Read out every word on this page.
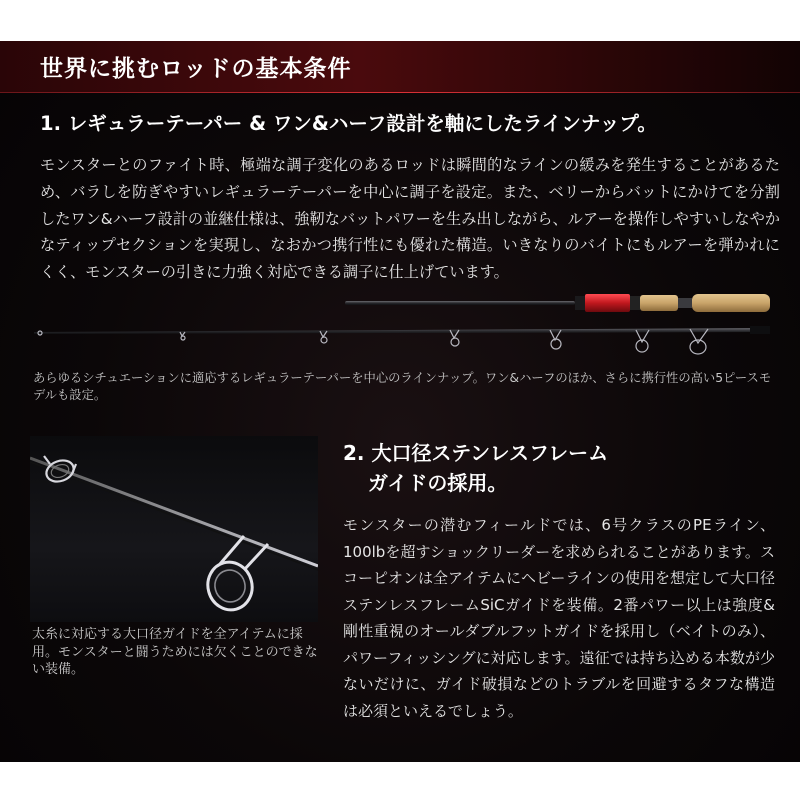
世界に挑むロッドの基本条件
1. レギュラーテーパー & ワン&ハーフ設計を軸にしたラインナップ。
モンスターとのファイト時、極端な調子変化のあるロッドは瞬間的なラインの緩みを発生することがあるため、バラしを防ぎやすいレギュラーテーパーを中心に調子を設定。また、ベリーからバットにかけてを分割したワン&ハーフ設計の並継仕様は、強靭なバットパワーを生み出しながら、ルアーを操作しやすいしなやかなティップセクションを実現し、なおかつ携行性にも優れた構造。いきなりのバイトにもルアーを弾かれにくく、モンスターの引きに力強く対応できる調子に仕上げています。
あらゆるシチュエーションに適応するレギュラーテーパーを中心のラインナップ。ワン&ハーフのほか、さらに携行性の高い5ピースモデルも設定。
太糸に対応する大口径ガイドを全アイテムに採用。モンスターと闘うためには欠くことのできない装備。
2. 大口径ステンレスフレーム
ガイドの採用。
モンスターの潜むフィールドでは、6号クラスのPEライン、100lbを超すショックリーダーを求められることがあります。スコーピオンは全アイテムにヘビーラインの使用を想定して大口径ステンレスフレームSiCガイドを装備。2番パワー以上は強度&剛性重視のオールダブルフットガイドを採用し（ベイトのみ）、パワーフィッシングに対応します。遠征では持ち込める本数が少ないだけに、ガイド破損などのトラブルを回避するタフな構造は必須といえるでしょう。
